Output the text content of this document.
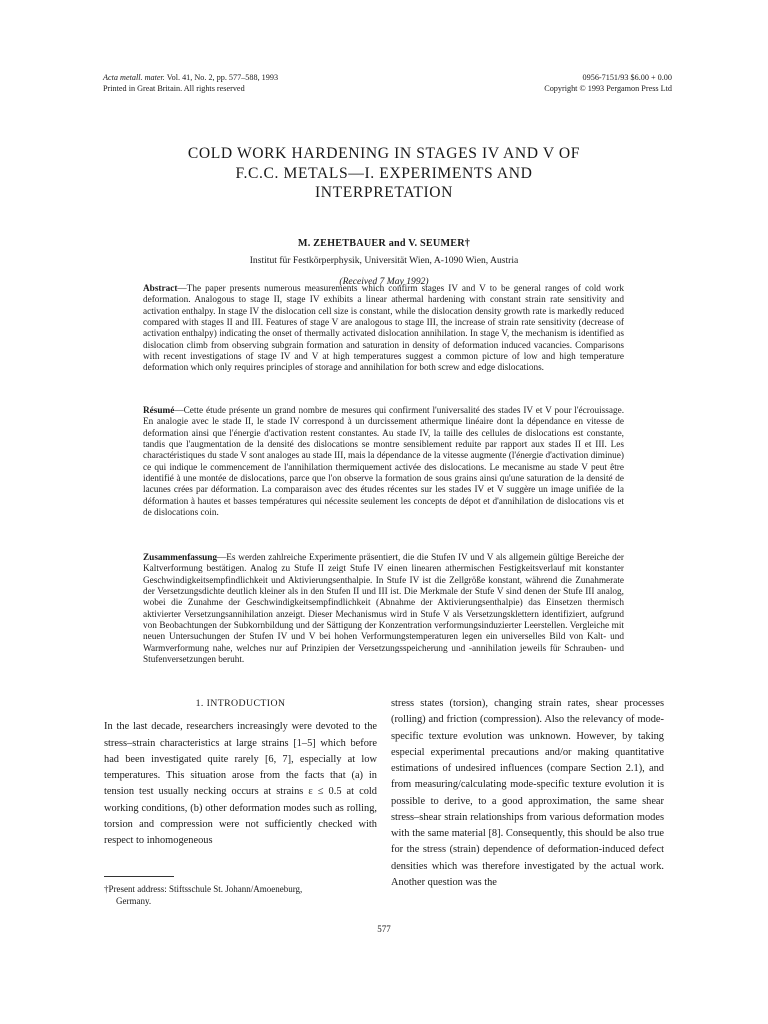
Acta metall. mater. Vol. 41, No. 2, pp. 577–588, 1993
Printed in Great Britain. All rights reserved
0956-7151/93 $6.00 + 0.00
Copyright © 1993 Pergamon Press Ltd
COLD WORK HARDENING IN STAGES IV AND V OF
F.C.C. METALS—I. EXPERIMENTS AND
INTERPRETATION
M. ZEHETBAUER and V. SEUMER†
Institut für Festkörperphysik, Universität Wien, A-1090 Wien, Austria
(Received 7 May 1992)

Abstract—The paper presents numerous measurements which confirm stages IV and V to be general ranges of cold work deformation. Analogous to stage II, stage IV exhibits a linear athermal hardening with constant strain rate sensitivity and activation enthalpy. In stage IV the dislocation cell size is constant, while the dislocation density growth rate is markedly reduced compared with stages II and III. Features of stage V are analogous to stage III, the increase of strain rate sensitivity (decrease of activation enthalpy) indicating the onset of thermally activated dislocation annihilation. In stage V, the mechanism is identified as dislocation climb from observing subgrain formation and saturation in density of deformation induced vacancies. Comparisons with recent investigations of stage IV and V at high temperatures suggest a common picture of low and high temperature deformation which only requires principles of storage and annihilation for both screw and edge dislocations.

Résumé—Cette étude présente un grand nombre de mesures qui confirment l'universalité des stades IV et V pour l'écrouissage. En analogie avec le stade II, le stade IV correspond à un durcissement athermique linéaire dont la dépendance en vitesse de deformation ainsi que l'énergie d'activation restent constantes. Au stade IV, la taille des cellules de dislocations est constante, tandis que l'augmentation de la densité des dislocations se montre sensiblement reduite par rapport aux stades II et III. Les charactéristiques du stade V sont analoges au stade III, mais la dépendance de la vitesse augmente (l'énergie d'activation diminue) ce qui indique le commencement de l'annihilation thermiquement activée des dislocations. Le mecanisme au stade V peut être identifié à une montée de dislocations, parce que l'on observe la formation de sous grains ainsi qu'une saturation de la densité de lacunes crées par déformation. La comparaison avec des études récentes sur les stades IV et V suggère un image unifiée de la déformation à hautes et basses températures qui nécessite seulement les concepts de dépot et d'annihilation de dislocations vis et de dislocations coin.

Zusammenfassung—Es werden zahlreiche Experimente präsentiert, die die Stufen IV und V als allgemein gültige Bereiche der Kaltverformung bestätigen. Analog zu Stufe II zeigt Stufe IV einen linearen athermischen Festigkeitsverlauf mit konstanter Geschwindigkeitsempfindlichkeit und Aktivierungsenthalpie. In Stufe IV ist die Zellgröße konstant, während die Zunahmerate der Versetzungsdichte deutlich kleiner als in den Stufen II und III ist. Die Merkmale der Stufe V sind denen der Stufe III analog, wobei die Zunahme der Geschwindigkeitsempfindlichkeit (Abnahme der Aktivierungsenthalpie) das Einsetzen thermisch aktivierter Versetzungsannihilation anzeigt. Dieser Mechanismus wird in Stufe V als Versetzungsklettern identifiziert, aufgrund von Beobachtungen der Subkornbildung und der Sättigung der Konzentration verformungsinduzierter Leerstellen. Vergleiche mit neuen Untersuchungen der Stufen IV und V bei hohen Verformungstemperaturen legen ein universelles Bild von Kalt- und Warmverformung nahe, welches nur auf Prinzipien der Versetzungsspeicherung und -annihilation jeweils für Schrauben- und Stufenversetzungen beruht.

1. INTRODUCTION

In the last decade, researchers increasingly were devoted to the stress–strain characteristics at large strains [1–5] which before had been investigated quite rarely [6, 7], especially at low temperatures. This situation arose from the facts that (a) in tension test usually necking occurs at strains ε ≤ 0.5 at cold working conditions, (b) other deformation modes such as rolling, torsion and compression were not sufficiently checked with respect to inhomogeneous

stress states (torsion), changing strain rates, shear processes (rolling) and friction (compression). Also the relevancy of mode-specific texture evolution was unknown. However, by taking especial experimental precautions and/or making quantitative estimations of undesired influences (compare Section 2.1), and from measuring/calculating mode-specific texture evolution it is possible to derive, to a good approximation, the same shear stress–shear strain relationships from various deformation modes with the same material [8]. Consequently, this should be also true for the stress (strain) dependence of deformation-induced defect densities which was therefore investigated by the actual work. Another question was the

†Present address: Stiftsschule St. Johann/Amoeneburg,
Germany.

577
